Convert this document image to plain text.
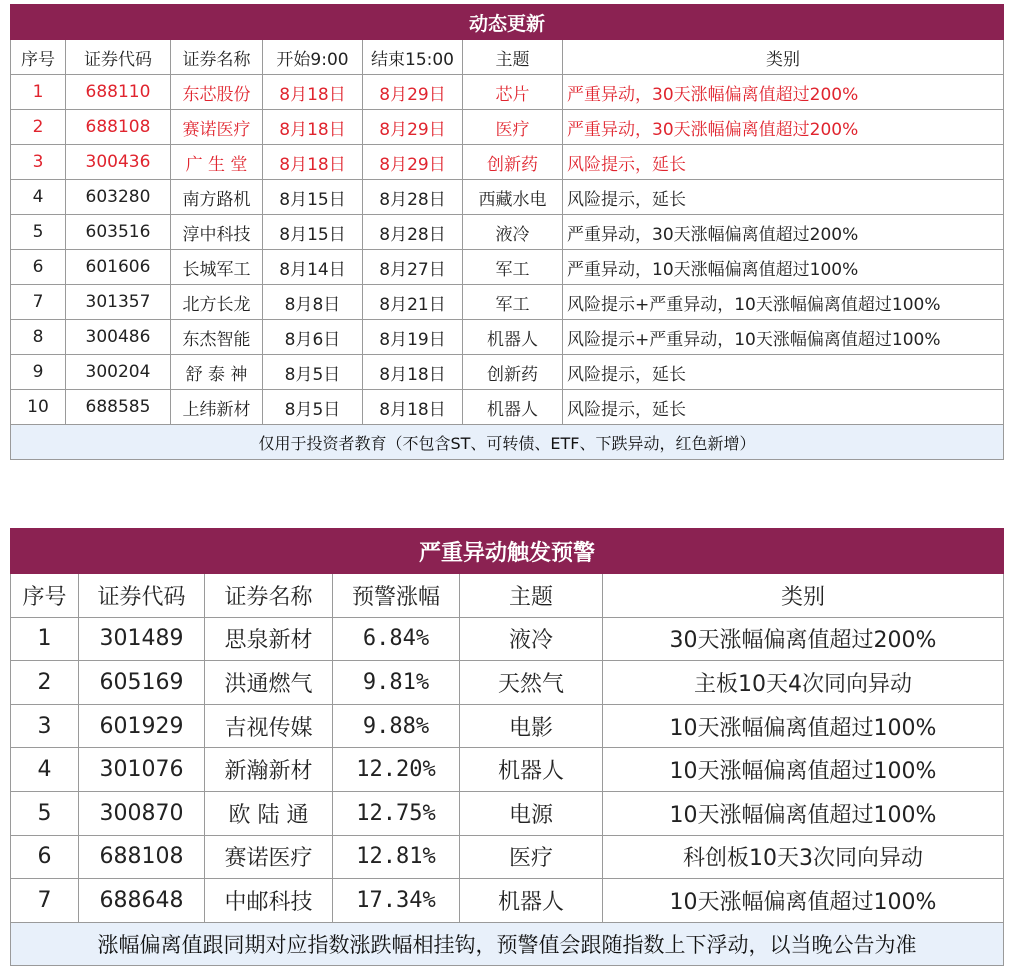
动态更新						
序号	证券代码	证券名称	开始9:00	结束15:00	主题	类别
1	688110	东芯股份	8月18日	8月29日	芯片	严重异动，30天涨幅偏离值超过200%
2	688108	赛诺医疗	8月18日	8月29日	医疗	严重异动，30天涨幅偏离值超过200%
3	300436	广 生 堂	8月18日	8月29日	创新药	风险提示，延长
4	603280	南方路机	8月15日	8月28日	西藏水电	风险提示，延长
5	603516	淳中科技	8月15日	8月28日	液冷	严重异动，30天涨幅偏离值超过200%
6	601606	长城军工	8月14日	8月27日	军工	严重异动，10天涨幅偏离值超过100%
7	301357	北方长龙	8月8日	8月21日	军工	风险提示+严重异动，10天涨幅偏离值超过100%
8	300486	东杰智能	8月6日	8月19日	机器人	风险提示+严重异动，10天涨幅偏离值超过100%
9	300204	舒 泰 神	8月5日	8月18日	创新药	风险提示，延长
10	688585	上纬新材	8月5日	8月18日	机器人	风险提示，延长
仅用于投资者教育（不包含ST、可转债、ETF、下跌异动，红色新增）						
严重异动触发预警					
序号	证券代码	证券名称	预警涨幅	主题	类别
1	301489	思泉新材	6.84%	液冷	30天涨幅偏离值超过200%
2	605169	洪通燃气	9.81%	天然气	主板10天4次同向异动
3	601929	吉视传媒	9.88%	电影	10天涨幅偏离值超过100%
4	301076	新瀚新材	12.20%	机器人	10天涨幅偏离值超过100%
5	300870	欧 陆 通	12.75%	电源	10天涨幅偏离值超过100%
6	688108	赛诺医疗	12.81%	医疗	科创板10天3次同向异动
7	688648	中邮科技	17.34%	机器人	10天涨幅偏离值超过100%
涨幅偏离值跟同期对应指数涨跌幅相挂钩，预警值会跟随指数上下浮动，以当晚公告为准					
